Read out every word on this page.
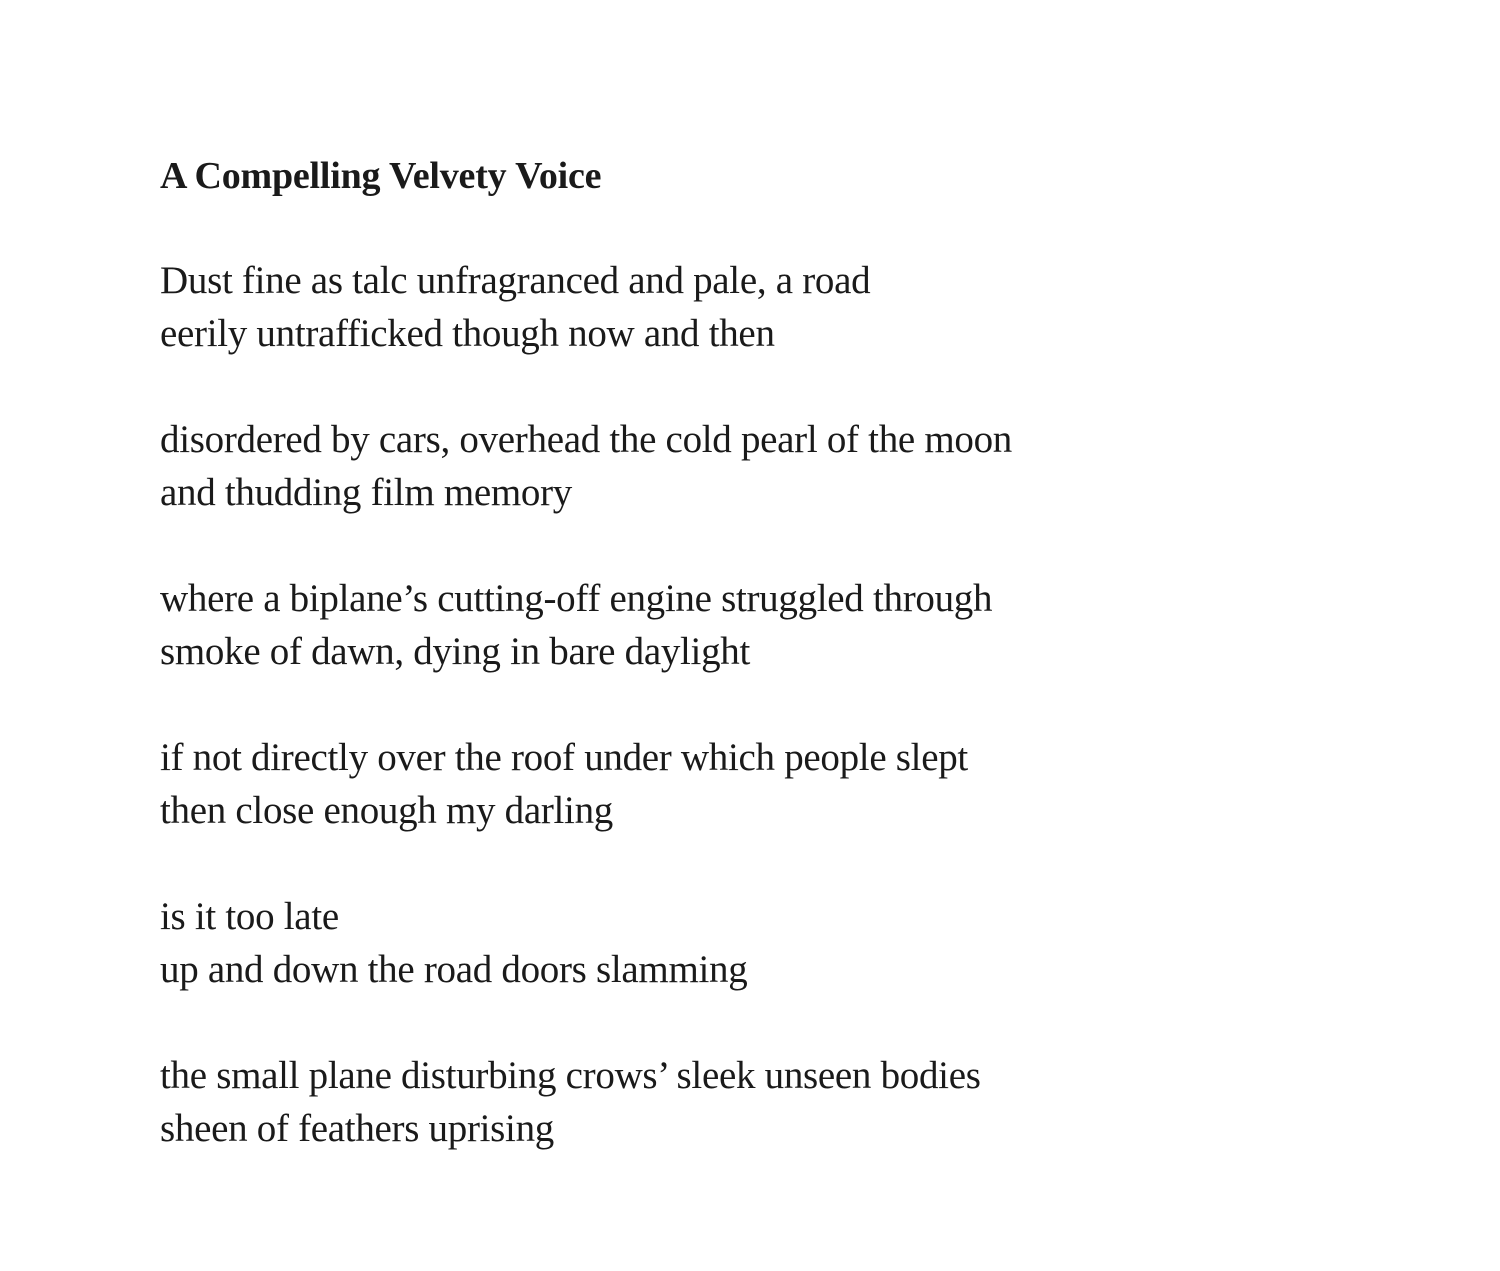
A Compelling Velvety Voice
Dust fine as talc unfragranced and pale, a road
eerily untrafficked though now and then
disordered by cars, overhead the cold pearl of the moon
and thudding film memory
where a biplane’s cutting-off engine struggled through
smoke of dawn, dying in bare daylight
if not directly over the roof under which people slept
then close enough my darling
is it too late
up and down the road doors slamming
the small plane disturbing crows’ sleek unseen bodies
sheen of feathers uprising
